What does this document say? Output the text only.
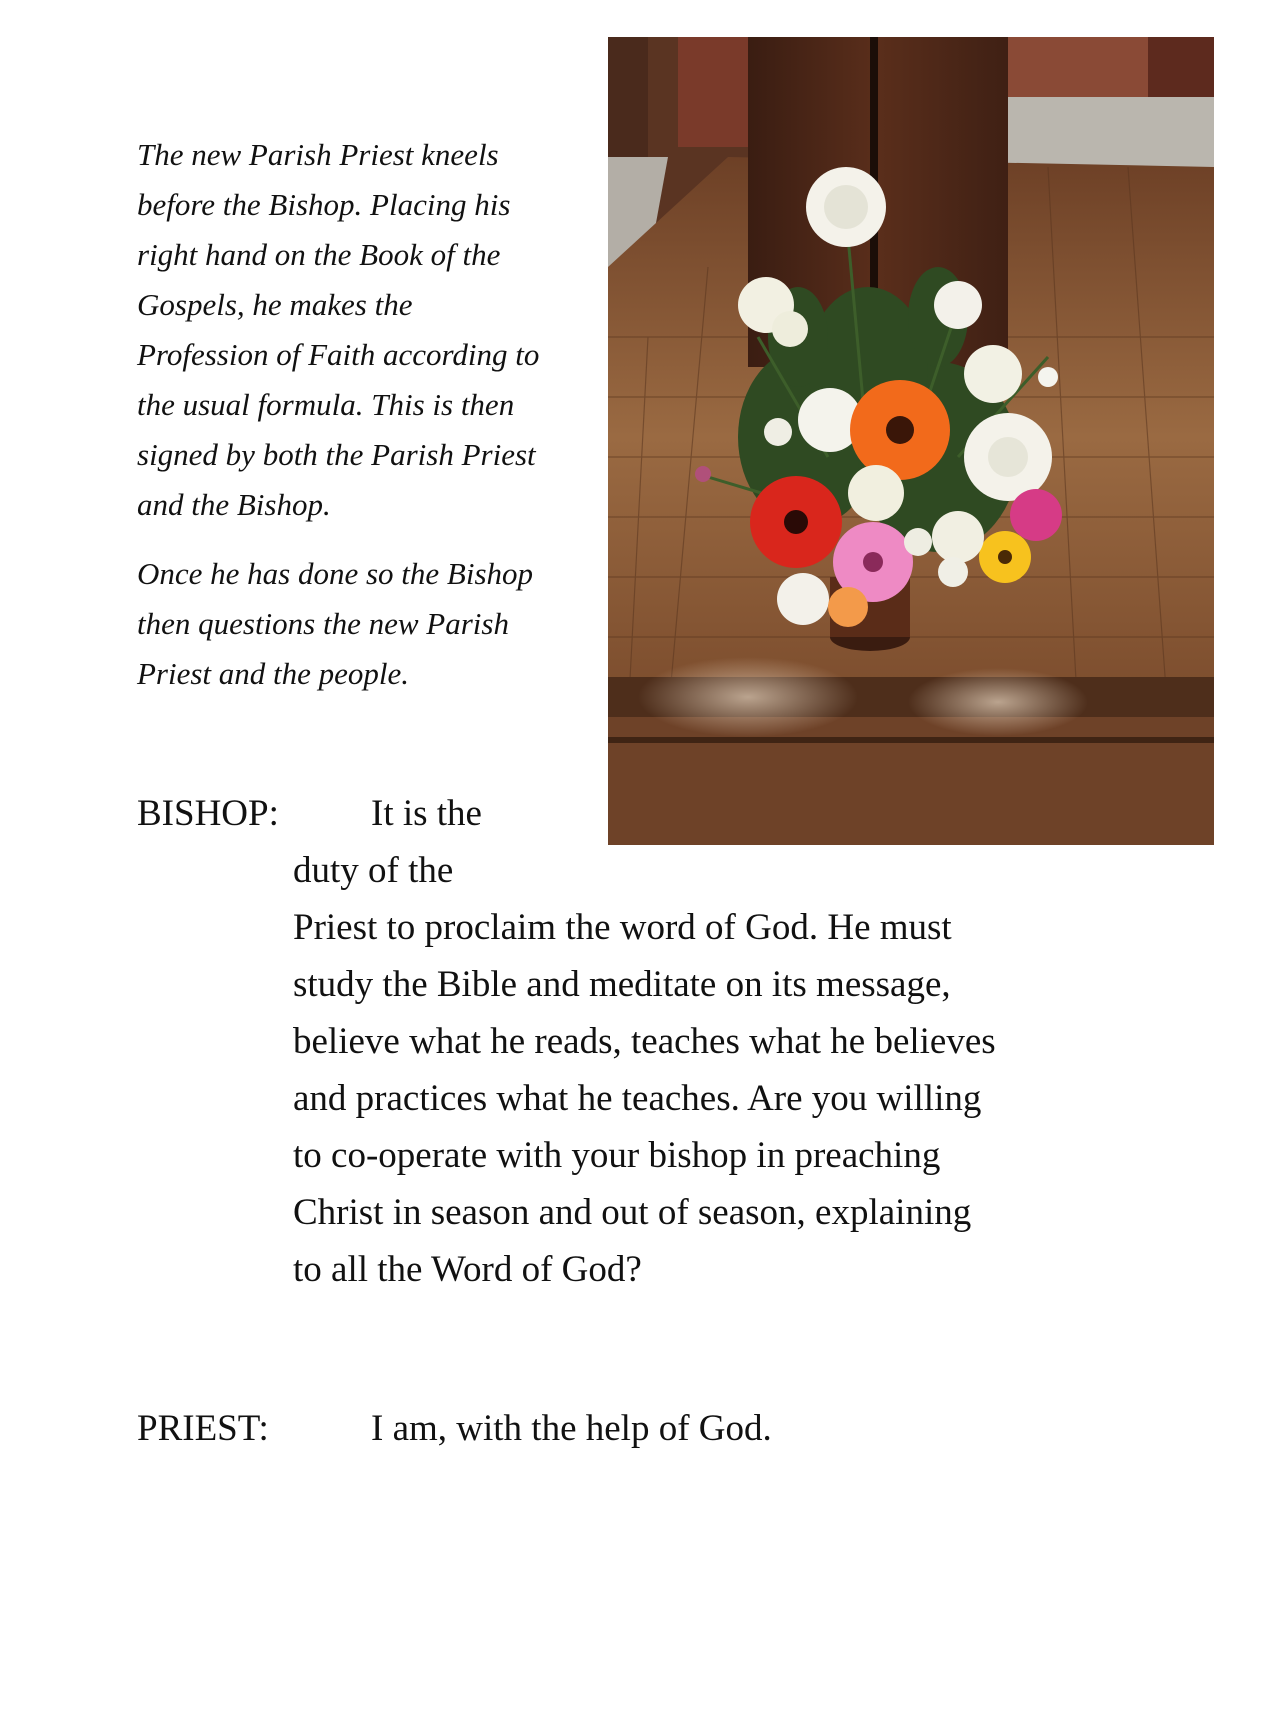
The new Parish Priest kneels
before the Bishop. Placing his
right hand on the Book of the
Gospels, he makes the
Profession of Faith according to
the usual formula. This is then
signed by both the Parish Priest
and the Bishop.

Once he has done so the Bishop
then questions the new Parish
Priest and the people.

BISHOP: It is the

duty of the
Priest to proclaim the word of God. He must
study the Bible and meditate on its message,
believe what he reads, teaches what he believes
and practices what he teaches. Are you willing
to co-operate with your bishop in preaching
Christ in season and out of season, explaining
to all the Word of God?

PRIEST:	I am, with the help of God.
